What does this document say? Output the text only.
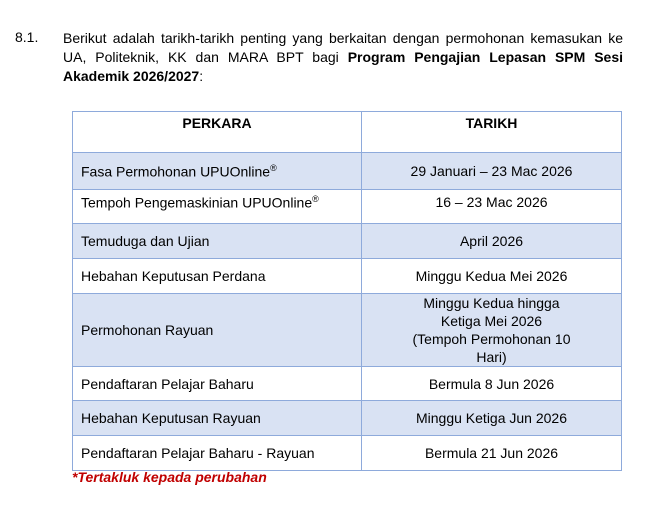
8.1. Berikut adalah tarikh-tarikh penting yang berkaitan dengan permohonan kemasukan ke UA, Politeknik, KK dan MARA BPT bagi Program Pengajian Lepasan SPM Sesi Akademik 2026/2027:
PERKARA	TARIKH
Fasa Permohonan UPUOnline®	29 Januari – 23 Mac 2026
Tempoh Pengemaskinian UPUOnline®	16 – 23 Mac 2026
Temuduga dan Ujian	April 2026
Hebahan Keputusan Perdana	Minggu Kedua Mei 2026
Permohonan Rayuan	Minggu Kedua hingga Ketiga Mei 2026
(Tempoh Permohonan 10 Hari)

Pendaftaran Pelajar Baharu	Bermula 8 Jun 2026
Hebahan Keputusan Rayuan	Minggu Ketiga Jun 2026
Pendaftaran Pelajar Baharu - Rayuan	Bermula 21 Jun 2026
*Tertakluk kepada perubahan
